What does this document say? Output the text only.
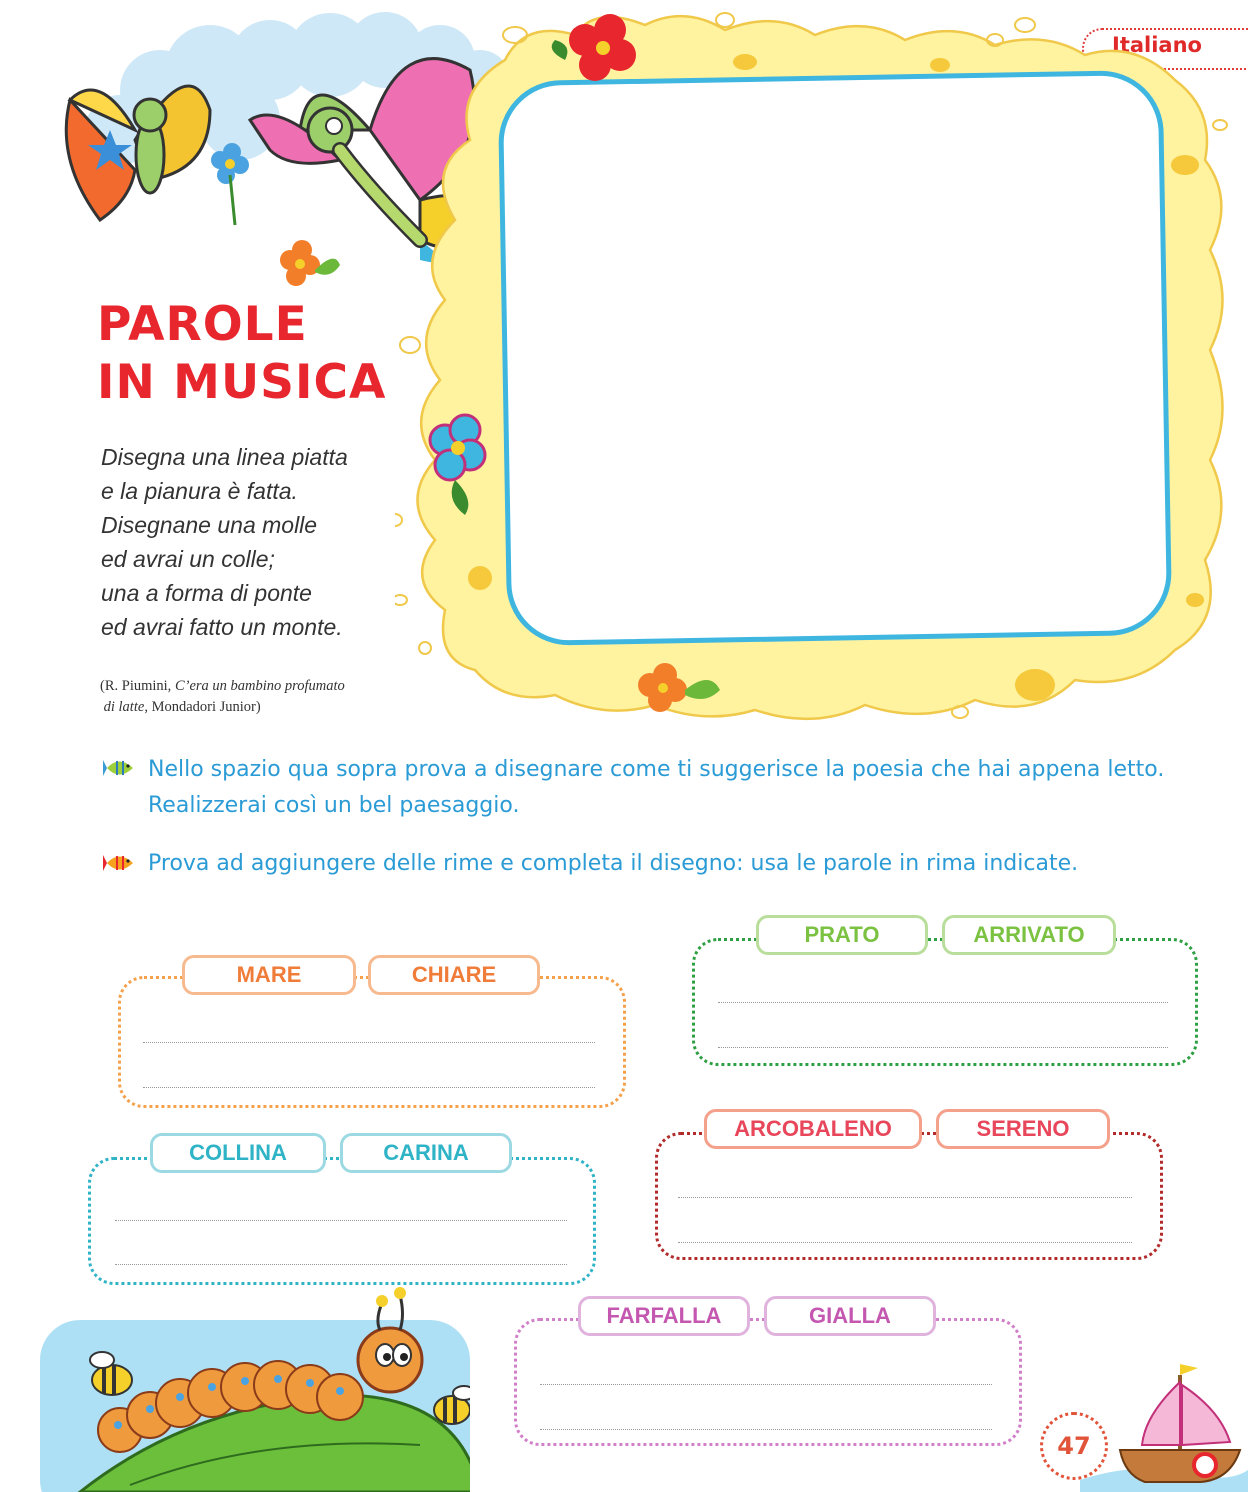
Italiano
PAROLE
IN MUSICA
Disegna una linea piatta
e la pianura è fatta.
Disegnane una molle
ed avrai un colle;
una a forma di ponte
ed avrai fatto un monte.
(R. Piumini, C’era un bambino profumato
di latte, Mondadori Junior)
Nello spazio qua sopra prova a disegnare come ti suggerisce la poesia che hai appena letto. Realizzerai così un bel paesaggio.
Prova ad aggiungere delle rime e completa il disegno: usa le parole in rima indicate.
MARE	CHIARE
PRATO	ARRIVATO
COLLINA	CARINA
ARCOBALENO	SERENO
FARFALLA	GIALLA
47
